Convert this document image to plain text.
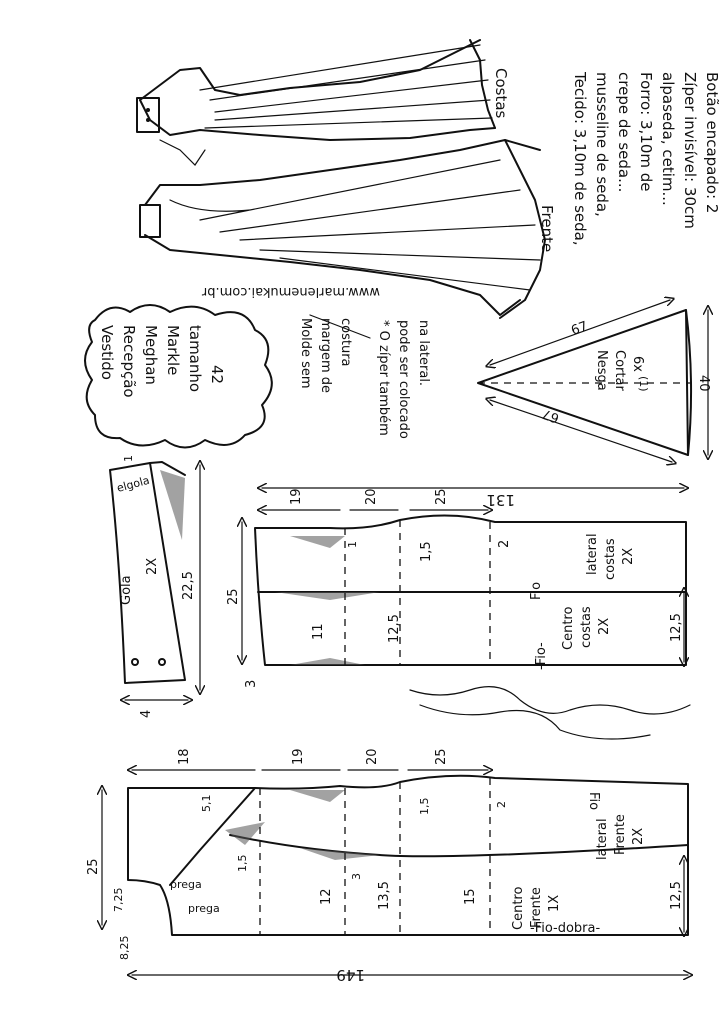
www.marlenemukai.com.br
Costas
Frente Tecido: 3,10m de seda, musseline de seda, crepe de seda... Forro: 3,10m de alpaseda, cetim... Zíper invisível: 30cm Botão encapado: 2
Vestido Recepção Meghan Markle tamanho 42	Molde sem margem de costura * O zíper também pode ser colocado na lateral.	67
67
40
(1)
Nesga Cortar 6x
Gola
2X
22,5
4
1
elgola
131
25
3
19	20	25
11	12,5
1,5	2
1
12,5
lateral costas 2X
Centro costas 2X
Fio
-Fio-
Marlene Mukai
149
25
7,25
8,25
18	19	20	25
12	13,5	15
5,1
1,5
1,5
3
2
prega
prega	12,5
lateral Frente 2X
Centro Frente 1X
Fio
-Fio-dobra-
